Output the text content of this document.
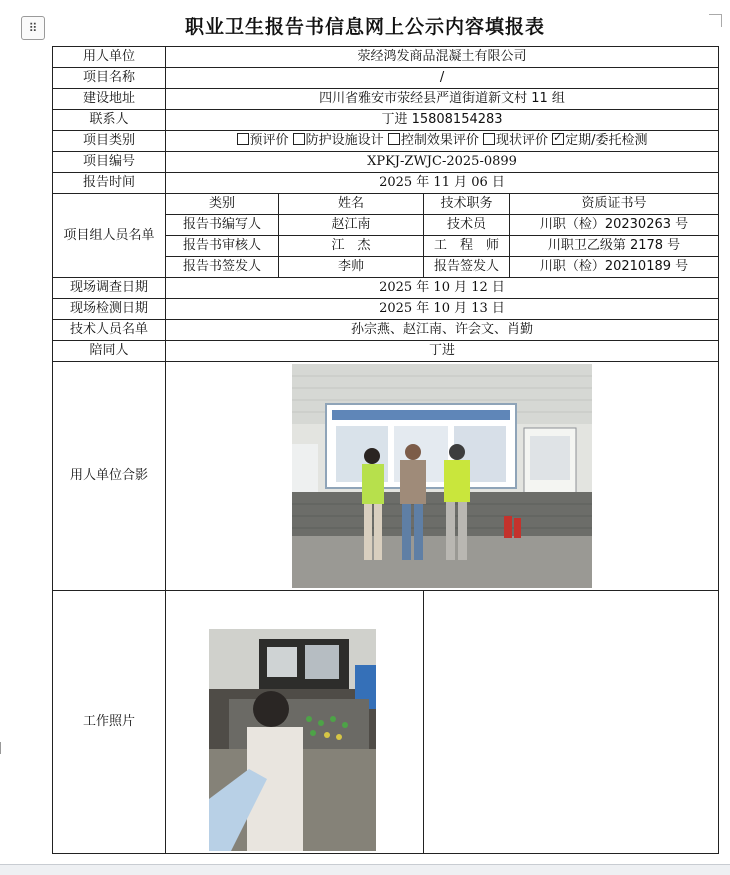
⠿	职业卫生报告书信息网上公示内容填报表
用人单位	荥经鸿发商品混凝土有限公司			
项目名称	/			
建设地址	四川省雅安市荥经县严道街道新文村 11 组			
联系人	丁进 15808154283			
项目类别	预评价 防护设施设计 控制效果评价 现状评价 ✓ 定期/委托检测
项目编号	XPKJ-ZWJC-2025-0899			
报告时间	2025 年 11 月 06 日			
项目组人员名单	类别	姓名	技术职务	资质证书号
	报告书编写人	赵江南	技术员	川职（检）20230263 号
	报告书审核人	江　杰	工　程　师	川职卫乙级第 2178 号
	报告书签发人	李帅	报告签发人	川职（检）20210189 号
现场调查日期	2025 年 10 月 12 日			
现场检测日期	2025 年 10 月 13 日			
技术人员名单	孙宗燕、赵江南、许会文、肖勤			
陪同人	丁进			
用人单位合影	

工作照片	
